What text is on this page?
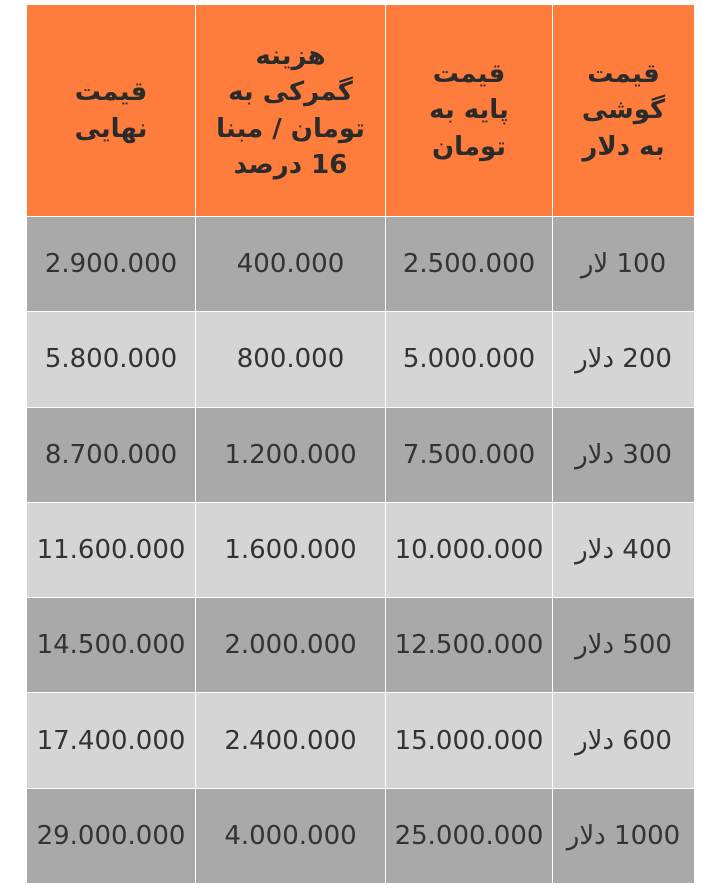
قیمت گوشی به دلار	قیمت پایه به تومان	هزینه گمرکی به تومان / مبنا 16 درصد	قیمت نهایی
100 لار	2.500.000	400.000	2.900.000
200 دلار	5.000.000	800.000	5.800.000
300 دلار	7.500.000	1.200.000	8.700.000
400 دلار	10.000.000	1.600.000	11.600.000
500 دلار	12.500.000	2.000.000	14.500.000
600 دلار	15.000.000	2.400.000	17.400.000
1000 دلار	25.000.000	4.000.000	29.000.000
